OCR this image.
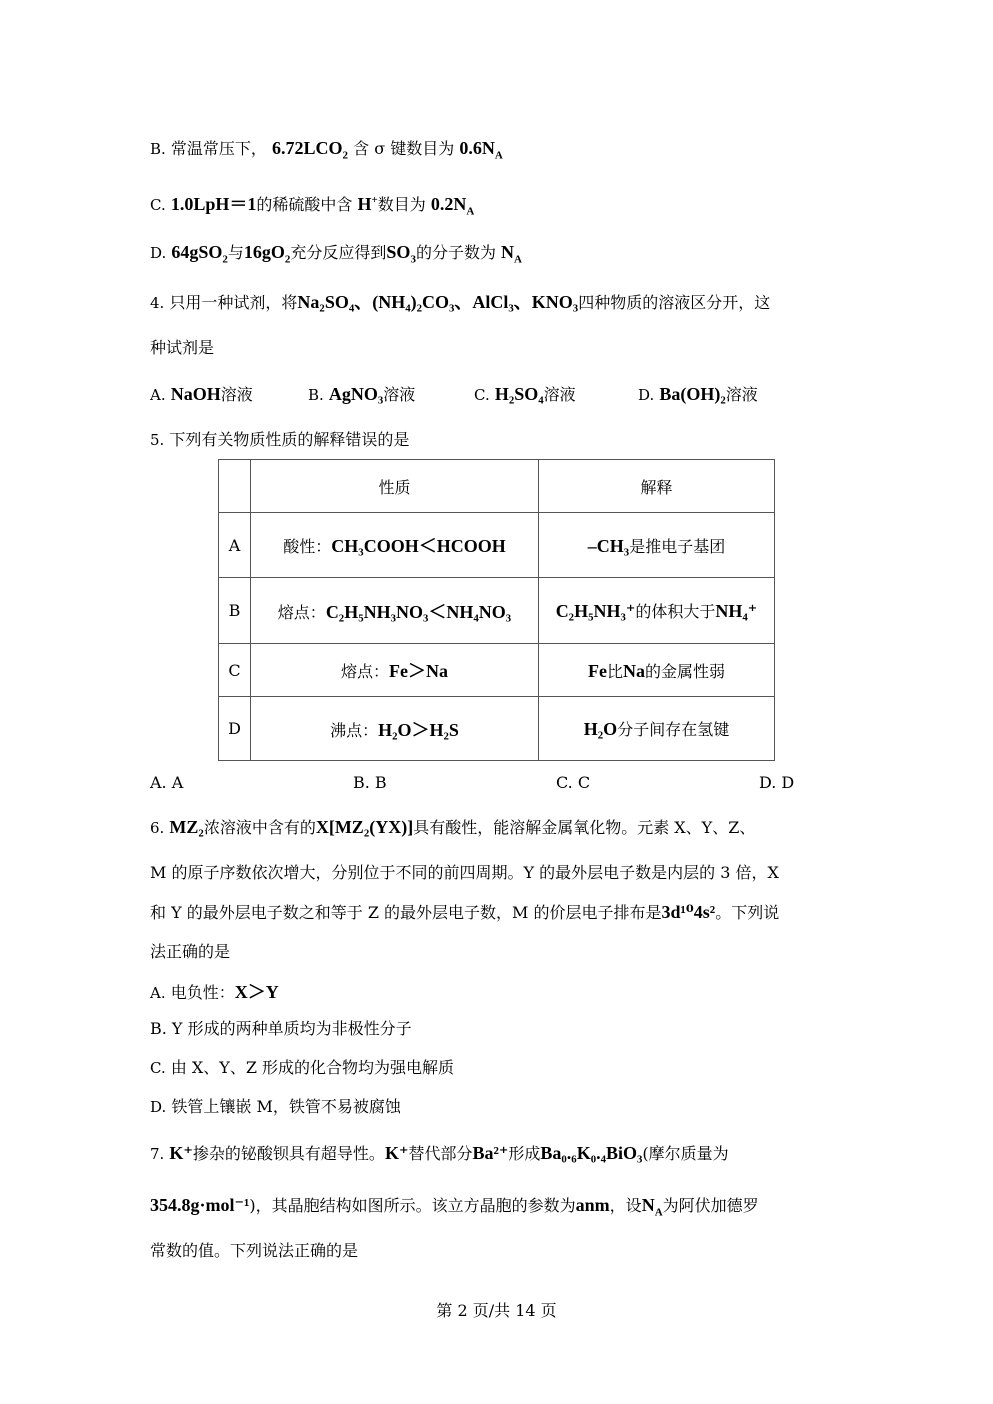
B. 常温常压下， $6.72LCO_2$ 含 σ 键数目为 $0.6N_A$
C. 1.0LpH＝1的稀硫酸中含 H+数目为 $0.2N_A$
D. 64gSO$_2$与$16gO_2$充分反应得到$SO_3$的分子数为 $N_A$
4. 只用一种试剂，将Na₂SO₄、(NH₄)₂CO₃、AlCl₃、KNO₃四种物质的溶液区分开，这
种试剂是
A. NaOH溶液	B. AgNO₃溶液	C. H₂SO₄溶液	D. Ba(OH)₂溶液
5. 下列有关物质性质的解释错误的是
	性质	解释
A	酸性：CH₃COOH＜HCOOH	–CH₃是推电子基团
B	熔点：C₂H₅NH₃NO₃＜NH₄NO₃	C₂H₅NH₃⁺的体积大于NH₄⁺
C	熔点：Fe＞Na	Fe比Na的金属性弱
D	沸点：H₂O＞H₂S	H₂O分子间存在氢键
A. A	B. B	C. C	D. D
6. MZ₂浓溶液中含有的X[MZ₂(YX)]具有酸性，能溶解金属氧化物。元素 X、Y、Z、
M 的原子序数依次增大，分别位于不同的前四周期。Y 的最外层电子数是内层的 3 倍，X
和 Y 的最外层电子数之和等于 Z 的最外层电子数，M 的价层电子排布是3d¹⁰4s²。下列说
法正确的是
A. 电负性：X＞Y
B. Y 形成的两种单质均为非极性分子
C. 由 X、Y、Z 形成的化合物均为强电解质
D. 铁管上镶嵌 M，铁管不易被腐蚀
7. K⁺掺杂的铋酸钡具有超导性。K⁺替代部分Ba²⁺形成Ba₀.₆K₀.₄BiO₃(摩尔质量为
354.8g·mol⁻¹)，其晶胞结构如图所示。该立方晶胞的参数为anm，设$N_A$为阿伏加德罗
常数的值。下列说法正确的是
第 2 页/共 14 页
